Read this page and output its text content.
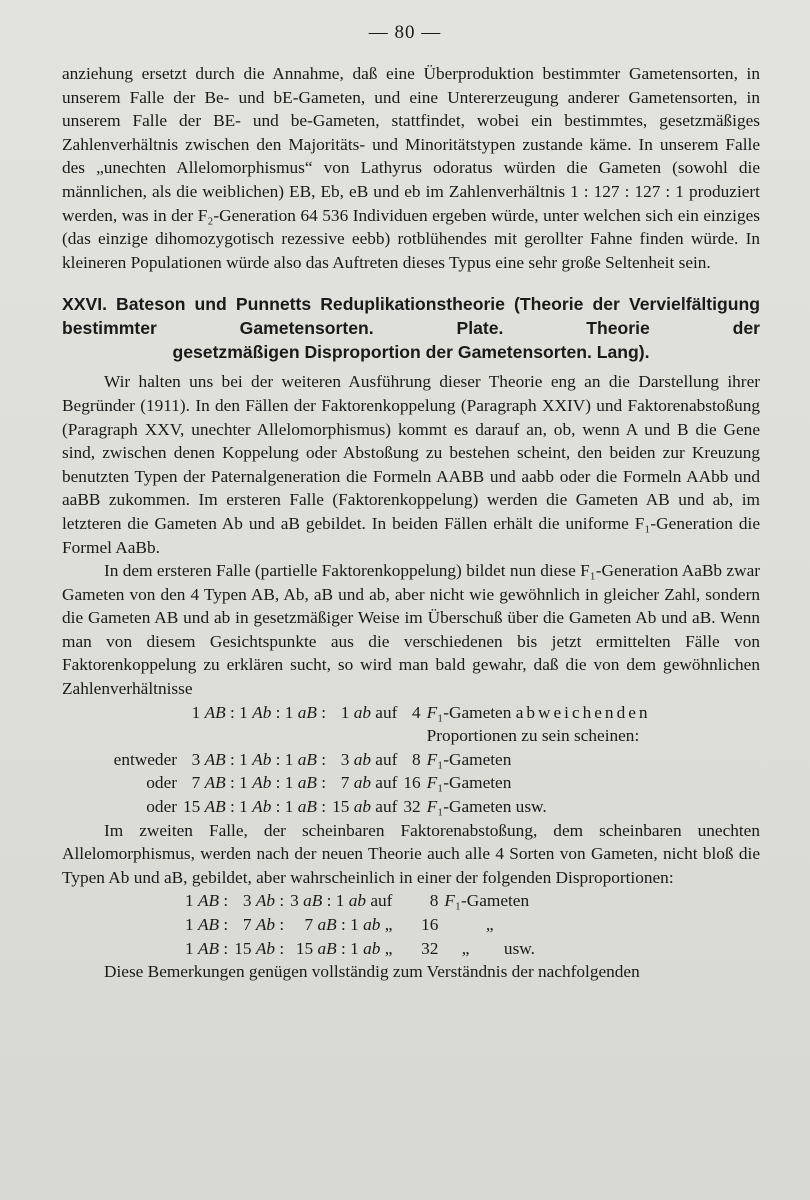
— 80 —

anziehung ersetzt durch die Annahme, daß eine Überproduktion bestimmter Gametensorten, in unserem Falle der Be- und bE-Gameten, und eine Untererzeugung anderer Gametensorten, in unserem Falle der BE- und be-Gameten, stattfindet, wobei ein bestimmtes, gesetzmäßiges Zahlenverhältnis zwischen den Majoritäts- und Minoritätstypen zustande käme. In unserem Falle des „unechten Allelomorphismus“ von Lathyrus odoratus würden die Gameten (sowohl die männlichen, als die weiblichen) EB, Eb, eB und eb im Zahlenverhältnis 1 : 127 : 127 : 1 produziert werden, was in der F₂-Generation 64 536 Individuen ergeben würde, unter welchen sich ein einziges (das einzige dihomozygotisch rezessive eebb) rotblühendes mit gerollter Fahne finden würde. In kleineren Populationen würde also das Auftreten dieses Typus eine sehr große Seltenheit sein.

XXVI. Bateson und Punnetts Reduplikationstheorie (Theorie der Vervielfältigung bestimmter Gametensorten. Plate. Theorie der
gesetzmäßigen Disproportion der Gametensorten. Lang).

Wir halten uns bei der weiteren Ausführung dieser Theorie eng an die Darstellung ihrer Begründer (1911). In den Fällen der Faktorenkoppelung (Paragraph XXIV) und Faktorenabstoßung (Paragraph XXV, unechter Allelomorphismus) kommt es darauf an, ob, wenn A und B die Gene sind, zwischen denen Koppelung oder Abstoßung zu bestehen scheint, den beiden zur Kreuzung benutzten Typen der Paternalgeneration die Formeln AABB und aabb oder die Formeln AAbb und aaBB zukommen. Im ersteren Falle (Faktorenkoppelung) werden die Gameten AB und ab, im letzteren die Gameten Ab und aB gebildet. In beiden Fällen erhält die uniforme F₁-Generation die Formel AaBb.

In dem ersteren Falle (partielle Faktorenkoppelung) bildet nun diese F₁-Generation AaBb zwar Gameten von den 4 Typen AB, Ab, aB und ab, aber nicht wie gewöhnlich in gleicher Zahl, sondern die Gameten AB und ab in gesetzmäßiger Weise im Überschuß über die Gameten Ab und aB. Wenn man von diesem Gesichtspunkte aus die verschiedenen bis jetzt ermittelten Fälle von Faktorenkoppelung zu erklären sucht, so wird man bald gewahr, daß die von dem gewöhnlichen Zahlenverhältnisse

	1 AB : 1 Ab : 1 aB :	1 ab auf	4	F₁-Gameten abweichenden
				Proportionen zu sein scheinen:
entweder	3 AB : 1 Ab : 1 aB :	3 ab auf	8	F₁-Gameten
oder	7 AB : 1 Ab : 1 aB :	7 ab auf	16	F₁-Gameten
oder	15 AB : 1 Ab : 1 aB :	15 ab auf	32	F₁-Gameten usw.

Im zweiten Falle, der scheinbaren Faktorenabstoßung, dem scheinbaren unechten Allelomorphismus, werden nach der neuen Theorie auch alle 4 Sorten von Gameten, nicht bloß die Typen Ab und aB, gebildet, aber wahrscheinlich in einer der folgenden Disproportionen:

1 AB :	3 Ab :	3 aB : 1 ab auf	8	F₁-Gameten
1 AB :	7 Ab :	7 aB : 1 ab „	16	„
1 AB :	15 Ab :	15 aB : 1 ab „	32	„        usw.

Diese Bemerkungen genügen vollständig zum Verständnis der nachfolgenden
